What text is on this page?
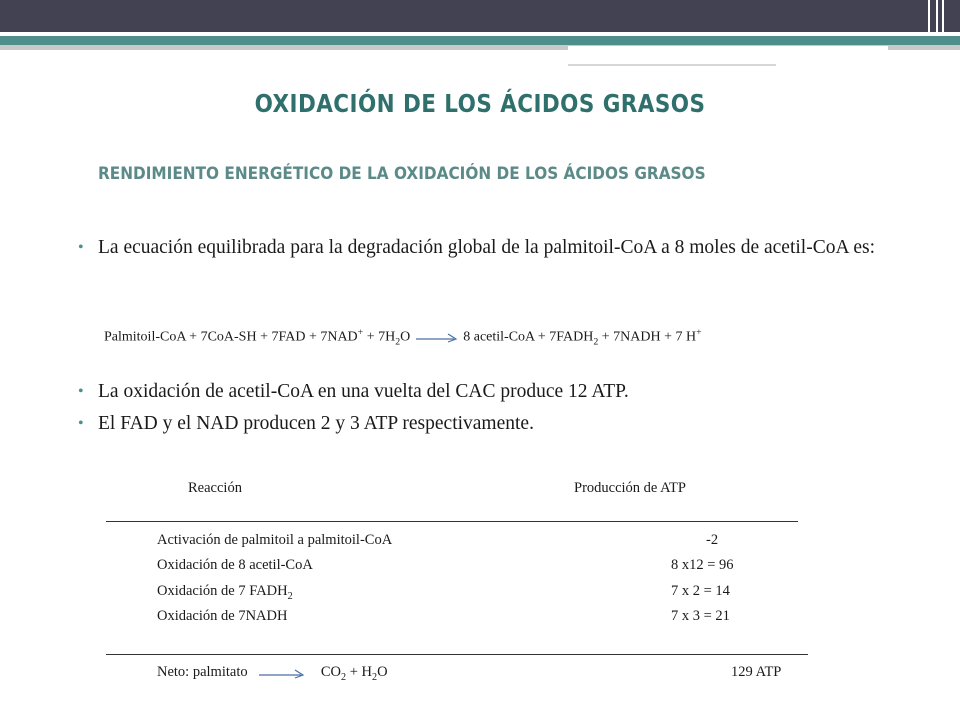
OXIDACIÓN DE LOS ÁCIDOS GRASOS
RENDIMIENTO ENERGÉTICO DE LA OXIDACIÓN DE LOS ÁCIDOS GRASOS
• La ecuación equilibrada para la degradación global de la palmitoil-CoA a 8 moles de acetil-CoA es:
Palmitoil-CoA + $7CoA-SH + 7FAD + 7NAD^+ + 7H_2O \to 8$ acetil-CoA + $7FADH_2$ + 7NADH + 7 H+
• La oxidación de acetil-CoA en una vuelta del CAC produce 12 ATP.
• El FAD y el NAD producen 2 y 3 ATP respectivamente.
Reacción	Producción de ATP
Activación de palmitoil a palmitoil-CoA	-2
Oxidación de 8 acetil-CoA	8 x12 = 96
Oxidación de 7 $FADH_2$	7 x 2 = 14
Oxidación de 7NADH	7 x 3 = 21
Neto: palmitato	$CO_2 + H_2O$	129 ATP
